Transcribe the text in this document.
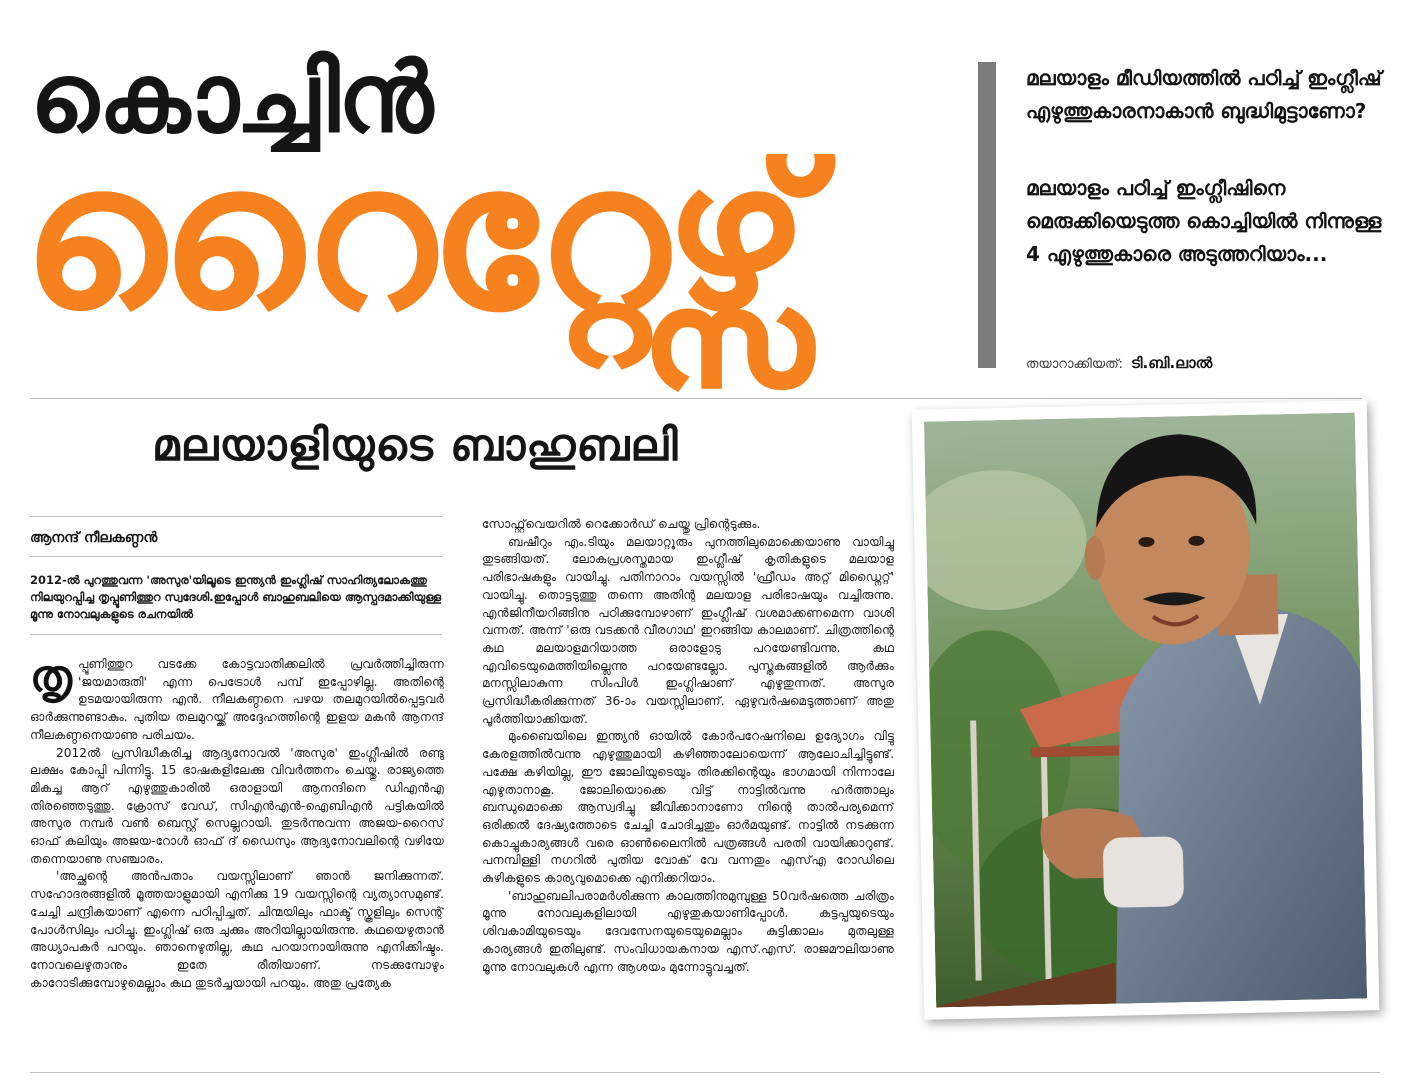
കൊച്ചിൻ
റൈറ്റേഴ്സ്

മലയാളം മീഡിയത്തിൽ പഠിച്ച് ഇംഗ്ലീഷ് എഴുത്തുകാരനാകാൻ ബുദ്ധിമുട്ടാണോ?

മലയാളം പഠിച്ച് ഇംഗ്ലീഷിനെ മെരുക്കിയെടുത്ത കൊച്ചിയിൽ നിന്നുള്ള 4 എഴുത്തുകാരെ അടുത്തറിയാം...

തയാറാക്കിയത്: ടി.ബി.ലാൽ
മലയാളിയുടെ ബാഹുബലി
ആനന്ദ് നീലകണ്ഠൻ
2012-ൽ പുറത്തുവന്ന 'അസുര'യിലൂടെ ഇന്ത്യൻ ഇംഗ്ലിഷ് സാഹിത്യലോകത്തു നിലയുറപ്പിച്ച തൃപ്പൂണിത്തുറ സ്വദേശി.ഇപ്പോൾ ബാഹുബലിയെ ആസ്പദമാക്കിയുള്ള മൂന്നു നോവലുകളുടെ രചനയിൽ

തൃപ്പൂണിത്തുറ വടക്കേ കോട്ടവാതിക്കലിൽ പ്രവർത്തിച്ചിരുന്ന 'ജയമാരുതി' എന്ന പെട്രോൾ പമ്പ് ഇപ്പോഴില്ല. അതിന്റെ ഉടമയായിരുന്ന എൻ. നീലകണ്ഠനെ പഴയ തലമുറയിൽപ്പെട്ടവർ ഓർക്കുന്നുണ്ടാകും. പുതിയ തലമുറയ്ക്ക് അദ്ദേഹത്തിന്റെ ഇളയ മകൻ ആനന്ദ് നീലകണ്ഠനെയാണു പരിചയം.

2012ൽ പ്രസിദ്ധീകരിച്ച ആദ്യനോവൽ 'അസുര' ഇംഗ്ലീഷിൽ രണ്ടു ലക്ഷം കോപ്പി പിന്നിട്ടു. 15 ഭാഷകളിലേക്കു വിവർത്തനം ചെയ്തു. രാജ്യത്തെ മികച്ച ആറ് എഴുത്തുകാരിൽ ഒരാളായി ആനന്ദിനെ ഡിഎൻഎ തിരഞ്ഞെടുത്തു. ക്രോസ് വേഡ്, സിഎൻഎൻ-ഐബിഎൻ പട്ടികയിൽ അസുര നമ്പർ വൺ ബെസ്റ്റ് സെല്ലറായി. തുടർന്നുവന്ന അജയ-റൈസ് ഓഫ് കലിയും അജയ-റോൾ ഓഫ് ദ് ഡൈസും ആദ്യനോവലിന്റെ വഴിയേ തന്നെയാണു സഞ്ചാരം.

'അച്ഛന്റെ അൻപതാം വയസ്സിലാണ് ഞാൻ ജനിക്കുന്നത്. സഹോദരങ്ങളിൽ മൂത്തയാളുമായി എനിക്കു 19 വയസ്സിന്റെ വ്യത്യാസമുണ്ട്. ചേച്ചി ചന്ദ്രികയാണ് എന്നെ പഠിപ്പിച്ചത്. ചിന്മയിലും ഫാക്ട് സ്കൂളിലും സെന്റ് പോൾസിലും പഠിച്ചു. ഇംഗ്ലിഷ് ഒരു ചുക്കും അറിയില്ലായിരുന്നു. കഥയെഴുതാൻ അധ്യാപകർ പറയും. ഞാനെഴുതില്ല, കഥ പറയാനായിരുന്നു എനിക്കിഷ്ടം. നോവലെഴുതാനും ഇതേ രീതിയാണ്. നടക്കുമ്പോഴും കാറോടിക്കുമ്പോഴുമെല്ലാം കഥ തുടർച്ചയായി പറയും. അതു പ്രത്യേക

സോഫ്റ്റ്‌വെയറിൽ റെക്കോർഡ് ചെയ്തു പ്രിന്റെടുക്കും.

ബഷീറും എം.ടിയും മലയാറ്റൂരും പുനത്തിലുമൊക്കെയാണു വായിച്ചു തുടങ്ങിയത്. ലോകപ്രശസ്തമായ ഇംഗ്ലീഷ് കൃതികളുടെ മലയാള പരിഭാഷകളും വായിച്ചു. പതിനാറാം വയസ്സിൽ 'ഫ്രീഡം അറ്റ് മിഡ്നൈറ്റ്' വായിച്ചു. തൊട്ടടുത്തു തന്നെ അതിന്റ മലയാള പരിഭാഷയും വച്ചിരുന്നു. എൻജിനീയറിങ്ങിനു പഠിക്കുമ്പോഴാണ് ഇംഗ്ലീഷ് വശമാക്കണമെന്ന വാശി വന്നത്. അന്ന് 'ഒരു വടക്കൻ വീരഗാഥ' ഇറങ്ങിയ കാലമാണ്. ചിത്രത്തിന്റെ കഥ മലയാളമറിയാത്ത ഒരാളോടു പറയേണ്ടിവന്നു. കഥ എവിടെയുമെത്തിയില്ലെന്നു പറയേണ്ടല്ലോ. പുസ്തകങ്ങളിൽ ആർക്കും മനസ്സിലാകുന്ന സിംപിൾ ഇംഗ്ലിഷാണ് എഴുതുന്നത്. അസുര പ്രസിദ്ധീകരിക്കുന്നത് 36-ാം വയസ്സിലാണ്. ഏഴുവർഷമെടുത്താണ് അതു പൂർത്തിയാക്കിയത്.

മുംബൈയിലെ ഇന്ത്യൻ ഓയിൽ കോർപറേഷനിലെ ഉദ്യോഗം വിട്ടു കേരളത്തിൽവന്നു എഴുത്തുമായി കഴിഞ്ഞാലോയെന്ന് ആലോചിച്ചിട്ടുണ്ട്. പക്ഷേ കഴിയില്ല, ഈ ജോലിയുടെയും തിരക്കിന്റെയും ഭാഗമായി നിന്നാലേ എഴുതാനാകൂ. ജോലിയൊക്കെ വിട്ട് നാട്ടിൽവന്നു ഹർത്താലും ബന്ധുമൊക്കെ ആസ്വദിച്ചു ജീവിക്കാനാണോ നിന്റെ താൽപര്യമെന്ന് ഒരിക്കൽ ദേഷ്യത്തോടെ ചേച്ചി ചോദിച്ചതും ഓർമയുണ്ട്. നാട്ടിൽ നടക്കുന്ന കൊച്ചുകാര്യങ്ങൾ വരെ ഓൺലൈനിൽ പത്രങ്ങൾ പരതി വായിക്കാറുണ്ട്. പനമ്പിള്ളി നഗറിൽ പുതിയ വോക് വേ വന്നതും എസ്എ റോഡിലെ കുഴികളുടെ കാര്യവുമൊക്കെ എനിക്കറിയാം.

'ബാഹുബലിപരാമർശിക്കുന്ന കാലത്തിനുമുമ്പുള്ള 50വർഷത്തെ ചരിത്രം മൂന്നു നോവലുകളിലായി എഴുതുകയാണിപ്പോൾ. കട്ടപ്പയുടെയും ശിവകാമിയുടെയും ദേവസേനയുടെയുമെല്ലാം കുട്ടിക്കാലം മുതലുള്ള കാര്യങ്ങൾ ഇതിലുണ്ട്. സംവിധായകനായ എസ്.എസ്. രാജമൗലിയാണു മൂന്നു നോവലുകൾ എന്ന ആശയം മുന്നോട്ടുവച്ചത്.
